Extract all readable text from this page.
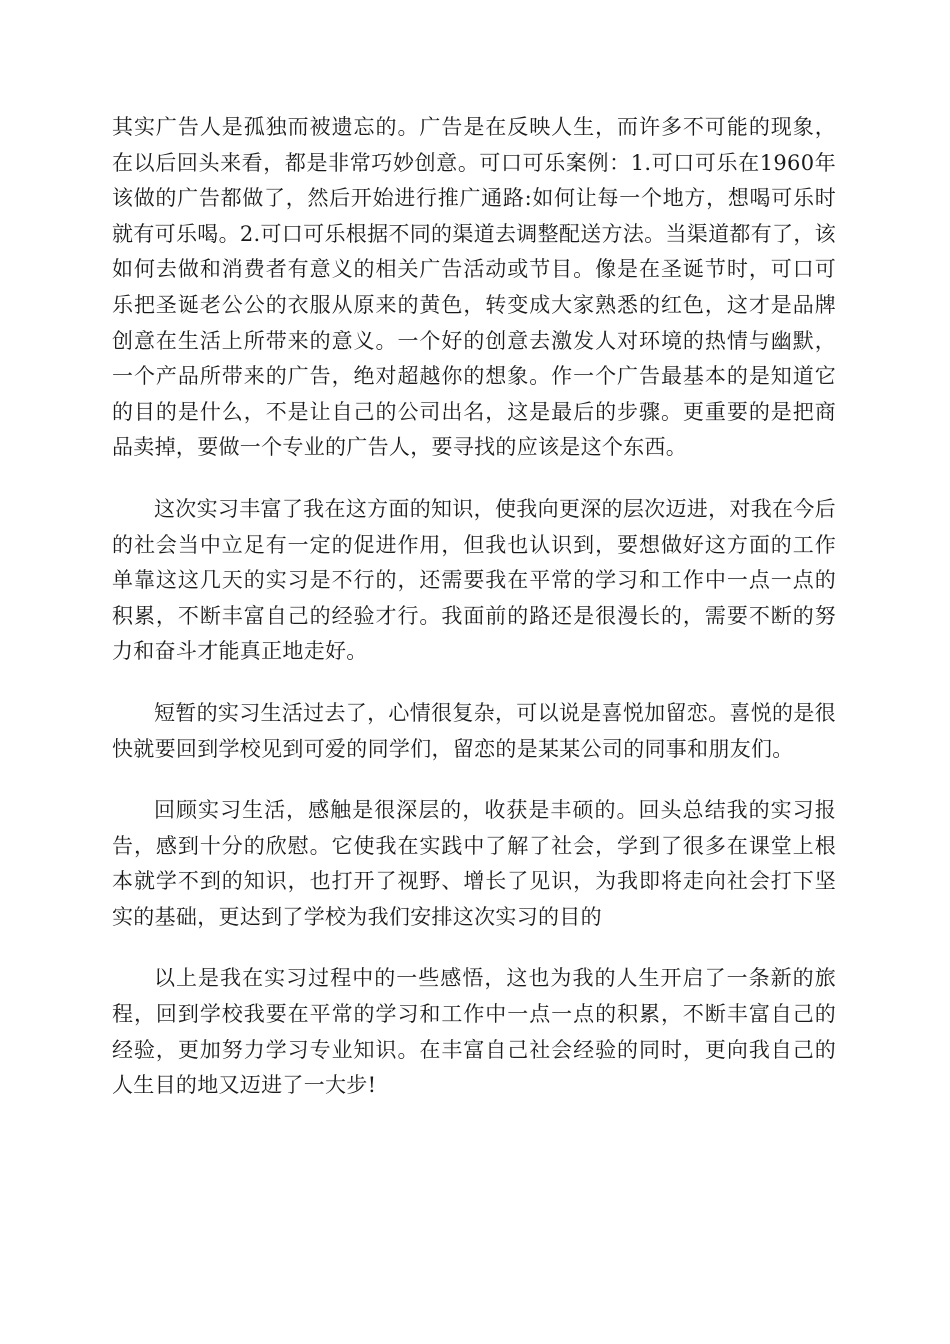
其实广告人是孤独而被遗忘的。广告是在反映人生，而许多不可能的现象，在以后回头来看，都是非常巧妙创意。可口可乐案例：1.可口可乐在1960年该做的广告都做了，然后开始进行推广通路:如何让每一个地方，想喝可乐时就有可乐喝。2.可口可乐根据不同的渠道去调整配送方法。当渠道都有了，该如何去做和消费者有意义的相关广告活动或节目。像是在圣诞节时，可口可乐把圣诞老公公的衣服从原来的黄色，转变成大家熟悉的红色，这才是品牌创意在生活上所带来的意义。一个好的创意去激发人对环境的热情与幽默，一个产品所带来的广告，绝对超越你的想象。作一个广告最基本的是知道它的目的是什么，不是让自己的公司出名，这是最后的步骤。更重要的是把商品卖掉，要做一个专业的广告人，要寻找的应该是这个东西。

这次实习丰富了我在这方面的知识，使我向更深的层次迈进，对我在今后的社会当中立足有一定的促进作用，但我也认识到，要想做好这方面的工作单靠这这几天的实习是不行的，还需要我在平常的学习和工作中一点一点的积累，不断丰富自己的经验才行。我面前的路还是很漫长的，需要不断的努力和奋斗才能真正地走好。

短暂的实习生活过去了，心情很复杂，可以说是喜悦加留恋。喜悦的是很快就要回到学校见到可爱的同学们，留恋的是某某公司的同事和朋友们。

回顾实习生活，感触是很深层的，收获是丰硕的。回头总结我的实习报告，感到十分的欣慰。它使我在实践中了解了社会，学到了很多在课堂上根本就学不到的知识，也打开了视野、增长了见识，为我即将走向社会打下坚实的基础，更达到了学校为我们安排这次实习的目的

以上是我在实习过程中的一些感悟，这也为我的人生开启了一条新的旅程，回到学校我要在平常的学习和工作中一点一点的积累，不断丰富自己的经验，更加努力学习专业知识。在丰富自己社会经验的同时，更向我自己的人生目的地又迈进了一大步!
